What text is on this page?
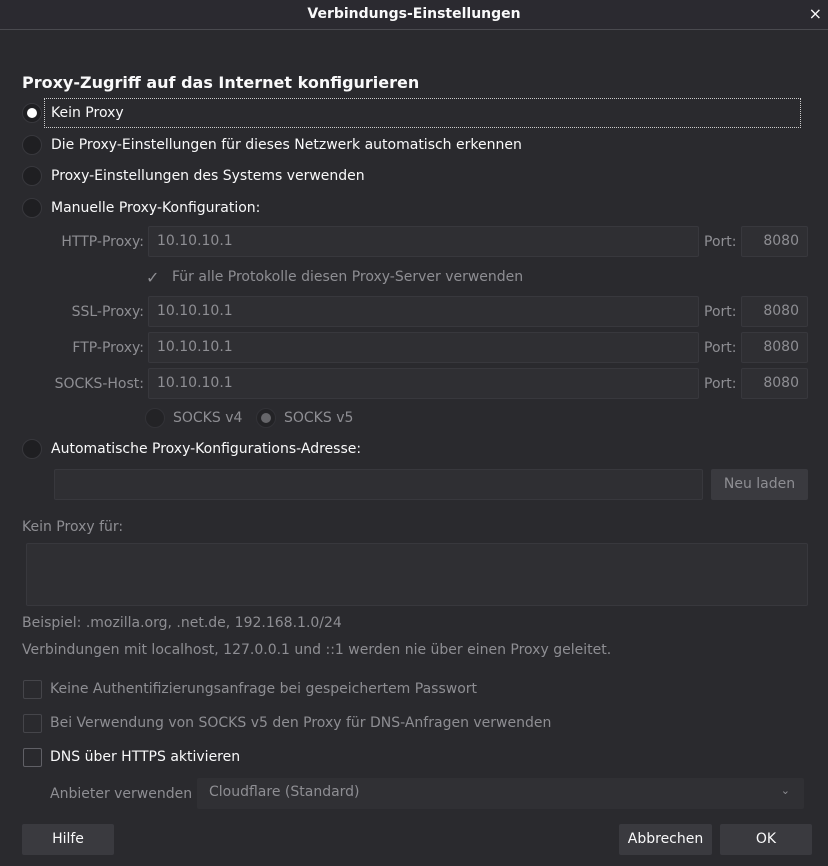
Verbindungs-Einstellungen	×
Proxy-Zugriff auf das Internet konfigurieren
Kein Proxy
Die Proxy-Einstellungen für dieses Netzwerk automatisch erkennen
Proxy-Einstellungen des Systems verwenden
Manuelle Proxy-Konfiguration:
HTTP-Proxy: 10.10.10.1	Port:	8080
✓ Für alle Protokolle diesen Proxy-Server verwenden
SSL-Proxy: 10.10.10.1	Port:	8080
FTP-Proxy: 10.10.10.1	Port:	8080
SOCKS-Host: 10.10.10.1	Port:	8080
SOCKS v4	SOCKS v5
Automatische Proxy-Konfigurations-Adresse:
Neu laden
Kein Proxy für:
Beispiel: .mozilla.org, .net.de, 192.168.1.0/24
Verbindungen mit localhost, 127.0.0.1 und ::1 werden nie über einen Proxy geleitet.
Keine Authentifizierungsanfrage bei gespeichertem Passwort
Bei Verwendung von SOCKS v5 den Proxy für DNS-Anfragen verwenden
DNS über HTTPS aktivieren
Anbieter verwenden	Cloudflare (Standard)	⌄
Hilfe	Abbrechen	OK
